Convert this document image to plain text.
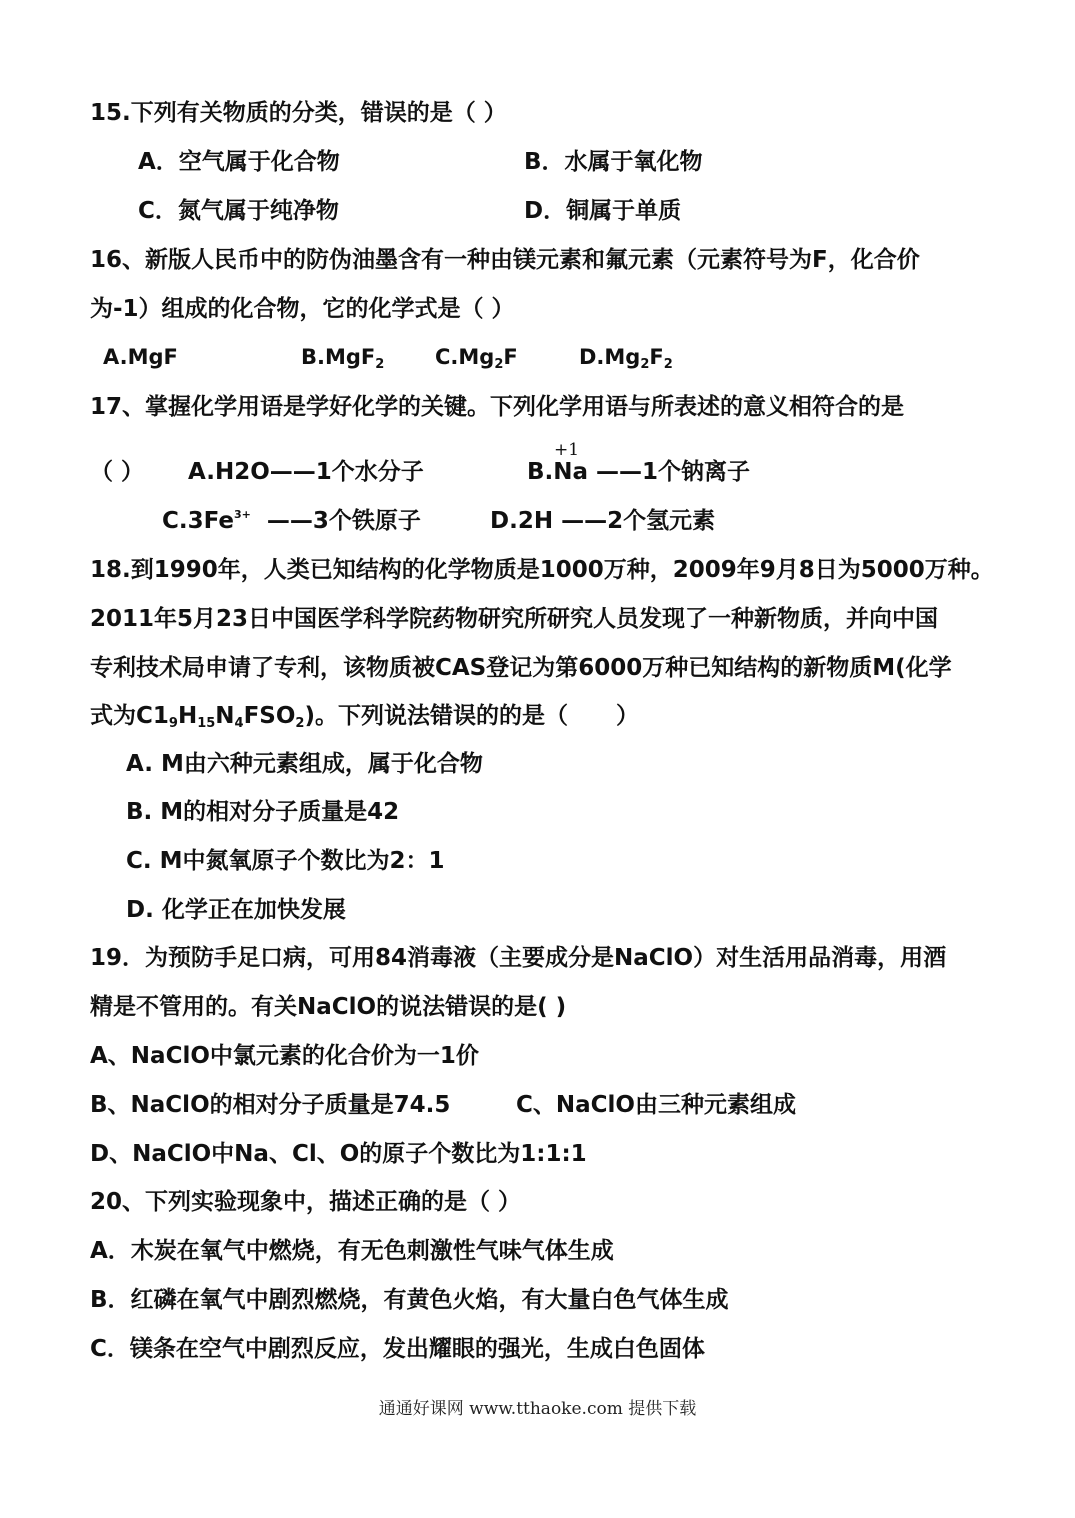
15.下列有关物质的分类，错误的是（ ）
A．空气属于化合物	B．水属于氧化物
C．氮气属于纯净物	D．铜属于单质
16、新版人民币中的防伪油墨含有一种由镁元素和氟元素（元素符号为F，化合价
为-1）组成的化合物，它的化学式是（ ）
A.MgF	B.MgF$_2$ $C.Mg_2F$	$D.Mg_2F_2$
17、掌握化学用语是学好化学的关键。下列化学用语与所表述的意义相符合的是
+1
（ ） A.H2O——1个水分子	B.Na ——1个钠离子
$C.3Fe^{3+}$  ——3个铁原子	D.2H ——2个氢元素
18.到1990年，人类已知结构的化学物质是1000万种，2009年9月8日为5000万种。
2011年5月23日中国医学科学院药物研究所研究人员发现了一种新物质，并向中国
专利技术局申请了专利，该物质被CAS登记为第6000万种已知结构的新物质M(化学
式为$C1_9H_{15}N_4FSO_2$)。下列说法错误的的是（      ）
A. M由六种元素组成，属于化合物
B. M的相对分子质量是42
C. M中氮氧原子个数比为2：1
D. 化学正在加快发展
19．为预防手足口病，可用84消毒液（主要成分是NaClO）对生活用品消毒，用酒
精是不管用的。有关NaClO的说法错误的是( )
A、NaClO中氯元素的化合价为一1价
B、NaClO的相对分子质量是74.5	C、NaClO由三种元素组成
D、NaClO中Na、Cl、O的原子个数比为1:1:1
20、下列实验现象中，描述正确的是（ ）
A．木炭在氧气中燃烧，有无色刺激性气味气体生成
B．红磷在氧气中剧烈燃烧，有黄色火焰，有大量白色气体生成
C．镁条在空气中剧烈反应，发出耀眼的强光，生成白色固体
通通好课网 www.tthaoke.com 提供下载
